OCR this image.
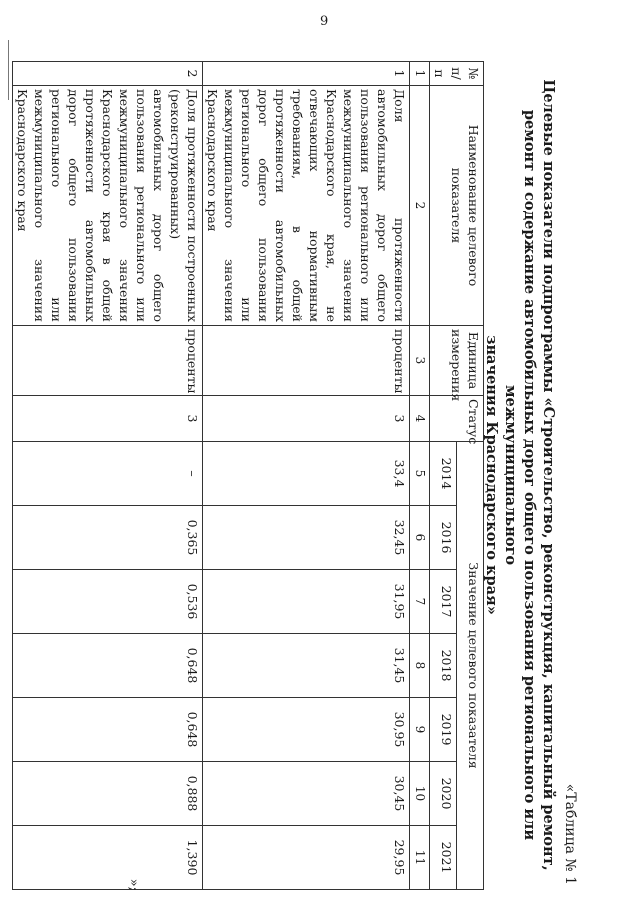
9
«Таблица № 1
Целевые показатели подпрограммы «Строительство, реконструкция, капитальный ремонт,
ремонт и содержание автомобильных дорог общего пользования регионального или межмуниципального
значения Краснодарского края»
№ п/п	Наименование целевого показателя	Единица измерения	Статус	Значение целевого показателя						
				2014	2016	2017	2018	2019	2020	2021
1	2	3	4	5	6	7	8	9	10	11
1	Доля протяженности автомобильных дорог общего пользования регионального или межмуниципального значения Краснодарского края, не отвечающих нормативным требованиям, в общей протяженности автомобильных дорог общего пользования регионального или межмуниципального значения Краснодарского края	проценты	3	33,4	32,45	31,95	31,45	30,95	30,45	29,95
2	Доля протяженности построенных (реконструированных) автомобильных дорог общего пользования регионального или межмуниципального значения Краснодарского края в общей протяженности автомобильных дорог общего пользования регионального или межмуниципального значения Краснодарского края	проценты	3	–	0,365	0,536	0,648	0,648	0,888	1,390
»;
